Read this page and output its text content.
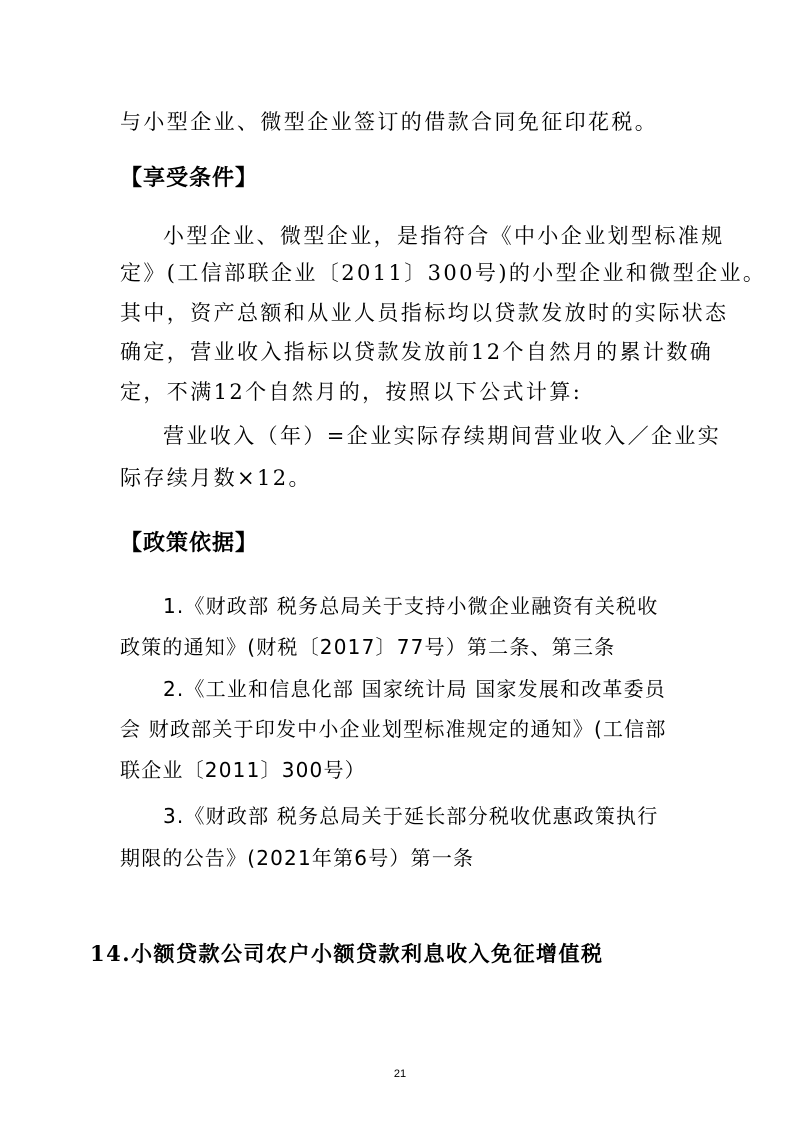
与小型企业、微型企业签订的借款合同免征印花税。
【享受条件】
小型企业、微型企业，是指符合《中小企业划型标准规
定》(工信部联企业〔2011〕300号)的小型企业和微型企业。
其中，资产总额和从业人员指标均以贷款发放时的实际状态
确定，营业收入指标以贷款发放前12个自然月的累计数确
定，不满12个自然月的，按照以下公式计算:
营业收入（年）=企业实际存续期间营业收入／企业实
际存续月数×12。
【政策依据】
1.《财政部 税务总局关于支持小微企业融资有关税收
政策的通知》(财税〔2017〕77号）第二条、第三条
2.《工业和信息化部 国家统计局 国家发展和改革委员
会 财政部关于印发中小企业划型标准规定的通知》(工信部
联企业〔2011〕300号）
3.《财政部 税务总局关于延长部分税收优惠政策执行
期限的公告》(2021年第6号）第一条
14.小额贷款公司农户小额贷款利息收入免征增值税
21
